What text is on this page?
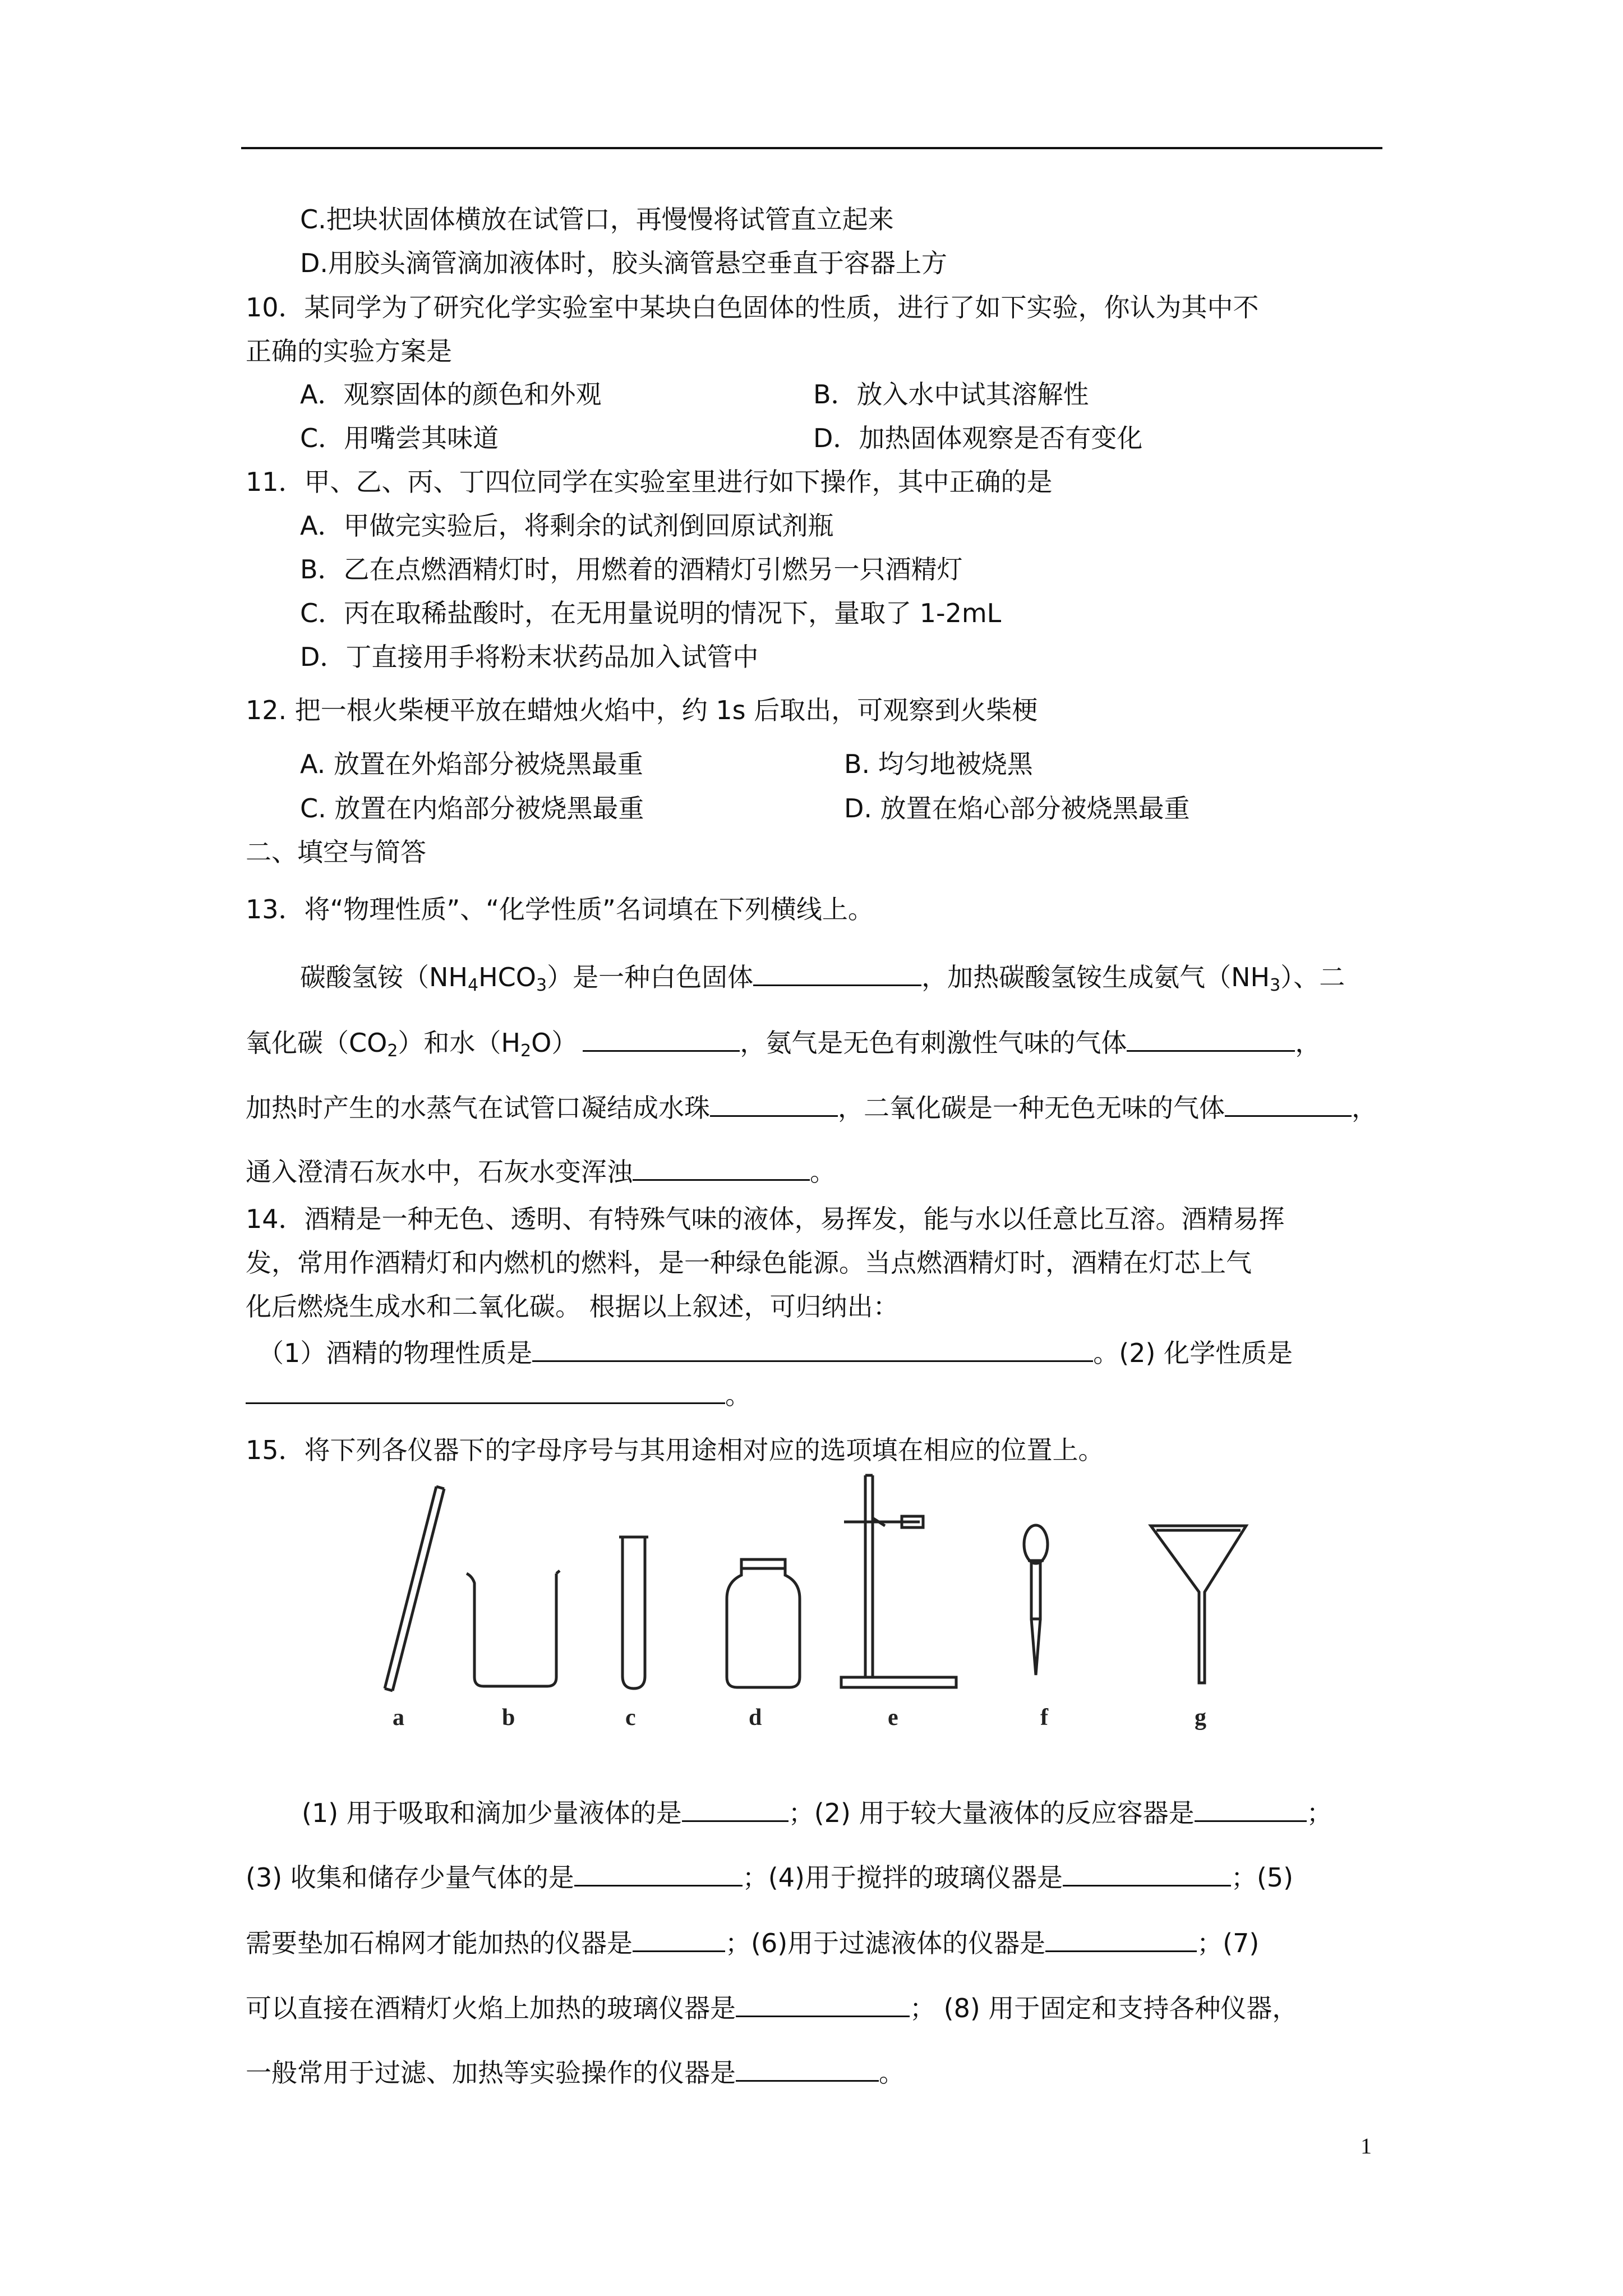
C.把块状固体横放在试管口，再慢慢将试管直立起来
D.用胶头滴管滴加液体时，胶头滴管悬空垂直于容器上方
10．某同学为了研究化学实验室中某块白色固体的性质，进行了如下实验，你认为其中不
正确的实验方案是
A．观察固体的颜色和外观	B．放入水中试其溶解性
C．用嘴尝其味道	D．加热固体观察是否有变化
11．甲、乙、丙、丁四位同学在实验室里进行如下操作，其中正确的是
A．甲做完实验后，将剩余的试剂倒回原试剂瓶
B．乙在点燃酒精灯时，用燃着的酒精灯引燃另一只酒精灯
C．丙在取稀盐酸时，在无用量说明的情况下，量取了 1-2mL
D．丁直接用手将粉末状药品加入试管中
12. 把一根火柴梗平放在蜡烛火焰中，约 1s 后取出，可观察到火柴梗
A. 放置在外焰部分被烧黑最重	B. 均匀地被烧黑
C. 放置在内焰部分被烧黑最重	D. 放置在焰心部分被烧黑最重
二、填空与简答
13．将“物理性质”、“化学性质”名词填在下列横线上。
碳酸氢铵$(NH_4HCO_3)$是一种白色固体	，加热碳酸氢铵生成氨气$(NH_3)$、二
氧化碳$(CO_2)$和水$(H_2O)$	，氨气是无色有刺激性气味的气体	，
加热时产生的水蒸气在试管口凝结成水珠	，二氧化碳是一种无色无味的气体	，
通入澄清石灰水中，石灰水变浑浊	。
14．酒精是一种无色、透明、有特殊气味的液体，易挥发，能与水以任意比互溶。酒精易挥
发，常用作酒精灯和内燃机的燃料，是一种绿色能源。当点燃酒精灯时，酒精在灯芯上气
化后燃烧生成水和二氧化碳。 根据以上叙述，可归纳出：
（1）酒精的物理性质是	。(2) 化学性质是
。
15．将下列各仪器下的字母序号与其用途相对应的选项填在相应的位置上。
a	b	c	d	e	f	g
(1) 用于吸取和滴加少量液体的是	；(2) 用于较大量液体的反应容器是	；
(3) 收集和储存少量气体的是	；(4)用于搅拌的玻璃仪器是	；(5)
需要垫加石棉网才能加热的仪器是	；(6)用于过滤液体的仪器是	；(7)
可以直接在酒精灯火焰上加热的玻璃仪器是	； (8) 用于固定和支持各种仪器，
一般常用于过滤、加热等实验操作的仪器是	。
1
